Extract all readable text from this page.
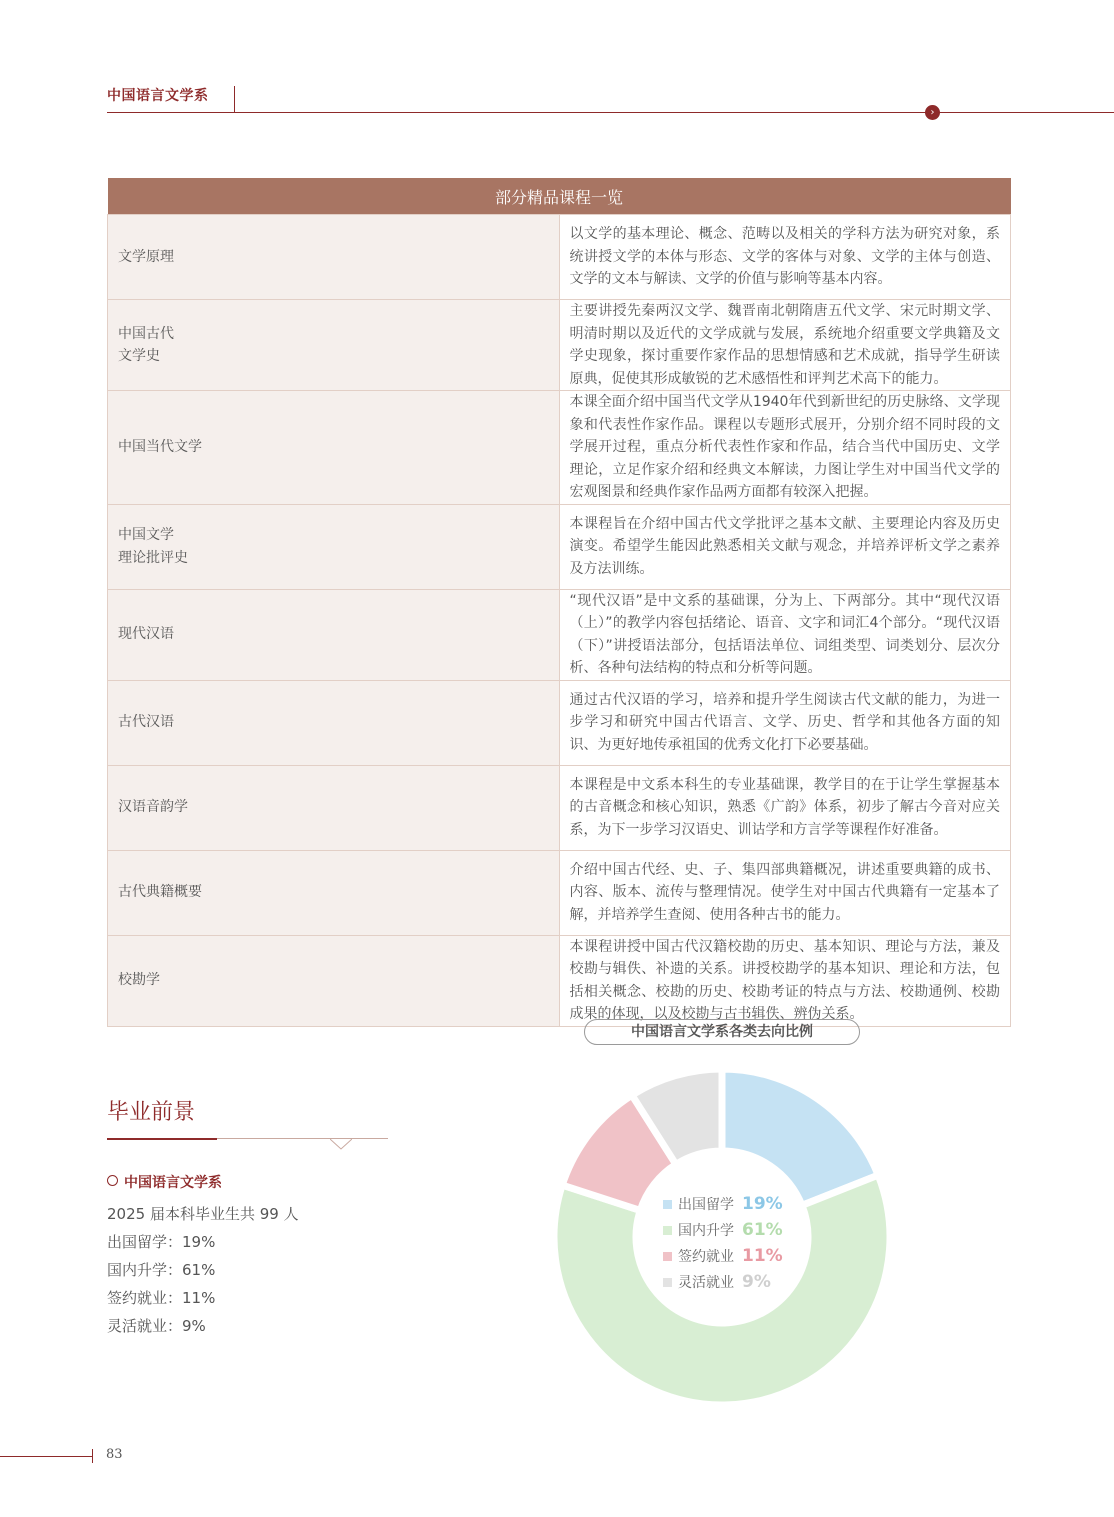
中国语言文学系
›
部分精品课程一览	
文学原理	以文学的基本理论、概念、范畴以及相关的学科方法为研究对象，系统讲授文学的本体与形态、文学的客体与对象、文学的主体与创造、文学的文本与解读、文学的价值与影响等基本内容。
中国古代
文学史	主要讲授先秦两汉文学、魏晋南北朝隋唐五代文学、宋元时期文学、明清时期以及近代的文学成就与发展，系统地介绍重要文学典籍及文学史现象，探讨重要作家作品的思想情感和艺术成就，指导学生研读原典，促使其形成敏锐的艺术感悟性和评判艺术高下的能力。
中国当代文学	本课全面介绍中国当代文学从1940年代到新世纪的历史脉络、文学现象和代表性作家作品。课程以专题形式展开，分别介绍不同时段的文学展开过程，重点分析代表性作家和作品，结合当代中国历史、文学理论，立足作家介绍和经典文本解读，力图让学生对中国当代文学的宏观图景和经典作家作品两方面都有较深入把握。
中国文学
理论批评史	本课程旨在介绍中国古代文学批评之基本文献、主要理论内容及历史演变。希望学生能因此熟悉相关文献与观念，并培养评析文学之素养及方法训练。
现代汉语	“现代汉语”是中文系的基础课，分为上、下两部分。其中“现代汉语（上）”的教学内容包括绪论、语音、文字和词汇4个部分。“现代汉语（下）”讲授语法部分，包括语法单位、词组类型、词类划分、层次分析、各种句法结构的特点和分析等问题。
古代汉语	通过古代汉语的学习，培养和提升学生阅读古代文献的能力，为进一步学习和研究中国古代语言、文学、历史、哲学和其他各方面的知识、为更好地传承祖国的优秀文化打下必要基础。
汉语音韵学	本课程是中文系本科生的专业基础课，教学目的在于让学生掌握基本的古音概念和核心知识，熟悉《广韵》体系，初步了解古今音对应关系，为下一步学习汉语史、训诂学和方言学等课程作好准备。
古代典籍概要	介绍中国古代经、史、子、集四部典籍概况，讲述重要典籍的成书、内容、版本、流传与整理情况。使学生对中国古代典籍有一定基本了解，并培养学生查阅、使用各种古书的能力。
校勘学	本课程讲授中国古代汉籍校勘的历史、基本知识、理论与方法，兼及校勘与辑佚、补遗的关系。讲授校勘学的基本知识、理论和方法，包括相关概念、校勘的历史、校勘考证的特点与方法、校勘通例、校勘成果的体现，以及校勘与古书辑佚、辨伪关系。
毕业前景
中国语言文学系
2025 届本科毕业生共 99 人
出国留学：19%
国内升学：61%
签约就业：11%
灵活就业：9%
中国语言文学系各类去向比例
出国留学 19%
国内升学 61%
签约就业 11%
灵活就业 9%
83
